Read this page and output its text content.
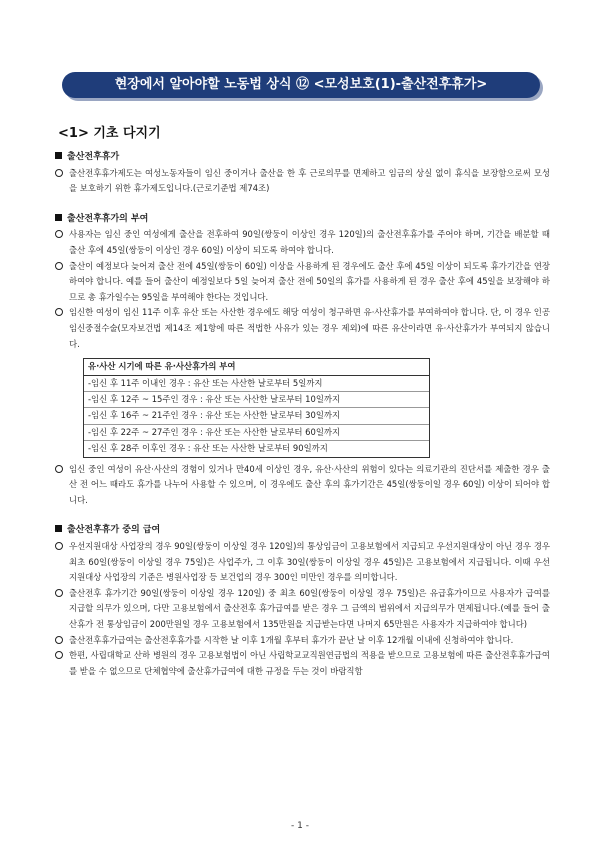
현장에서 알아야할 노동법 상식 ⑫ <모성보호(1)-출산전후휴가>
<1> 기초 다지기
출산전후휴가
출산전후휴가제도는 여성노동자들이 임신 중이거나 출산을 한 후 근로의무를 면제하고 임금의 상실 없이 휴식을 보장함으로써 모성을 보호하기 위한 휴가제도입니다.(근로기준법 제74조)
출산전후휴가의 부여
사용자는 임신 중인 여성에게 출산을 전후하여 90일(쌍둥이 이상인 경우 120일)의 출산전후휴가를 주어야 하며, 기간을 배분할 때 출산 후에 45일(쌍둥이 이상인 경우 60일) 이상이 되도록 하여야 합니다.
출산이 예정보다 늦어져 출산 전에 45일(쌍둥이 60일) 이상을 사용하게 된 경우에도 출산 후에 45일 이상이 되도록 휴가기간을 연장하여야 합니다. 예를 들어 출산이 예정일보다 5일 늦어져 출산 전에 50일의 휴가를 사용하게 된 경우 출산 후에 45일을 보장해야 하므로 총 휴가일수는 95일을 부여해야 한다는 것입니다.
임신한 여성이 임신 11주 이후 유산 또는 사산한 경우에도 해당 여성이 청구하면 유·사산휴가를 부여하여야 합니다. 단, 이 경우 인공 임신중절수술(모자보건법 제14조 제1항에 따른 적법한 사유가 있는 경우 제외)에 따른 유산이라면 유·사산휴가가 부여되지 않습니다.
유·사산 시기에 따른 유·사산휴가의 부여
-임신 후 11주 이내인 경우 : 유산 또는 사산한 날로부터 5일까지
-임신 후 12주 ~ 15주인 경우 : 유산 또는 사산한 날로부터 10일까지
-임신 후 16주 ~ 21주인 경우 : 유산 또는 사산한 날로부터 30일까지
-임신 후 22주 ~ 27주인 경우 : 유산 또는 사산한 날로부터 60일까지
-임신 후 28주 이후인 경우 : 유산 또는 사산한 날로부터 90일까지
임신 중인 여성이 유산·사산의 경험이 있거나 만40세 이상인 경우, 유산·사산의 위험이 있다는 의료기관의 진단서를 제출한 경우 출산 전 어느 때라도 휴가를 나누어 사용할 수 있으며, 이 경우에도 출산 후의 휴가기간은 45일(쌍둥이일 경우 60일) 이상이 되어야 합니다.
출산전후휴가 중의 급여
우선지원대상 사업장의 경우 90일(쌍둥이 이상일 경우 120일)의 통상임금이 고용보험에서 지급되고 우선지원대상이 아닌 경우 경우 최초 60일(쌍둥이 이상일 경우 75일)은 사업주가, 그 이후 30일(쌍둥이 이상일 경우 45일)은 고용보험에서 지급됩니다. 이때 우선지원대상 사업장의 기준은 병원사업장 등 보건업의 경우 300인 미만인 경우를 의미합니다.
출산전후 휴가기간 90일(쌍둥이 이상일 경우 120일) 중 최초 60일(쌍둥이 이상일 경우 75일)은 유급휴가이므로 사용자가 급여를 지급할 의무가 있으며, 다만 고용보험에서 출산전후 휴가급여를 받은 경우 그 금액의 범위에서 지급의무가 면제됩니다.(예를 들어 출산휴가 전 통상임금이 200만원일 경우 고용보험에서 135만원을 지급받는다면 나머지 65만원은 사용자가 지급하여야 합니다)
출산전후휴가급여는 출산전후휴가를 시작한 날 이후 1개월 후부터 휴가가 끝난 날 이후 12개월 이내에 신청하여야 합니다.
한편, 사립대학교 산하 병원의 경우 고용보험법이 아닌 사립학교교직원연금법의 적용을 받으므로 고용보험에 따른 출산전후휴가급여를 받을 수 없으므로 단체협약에 출산휴가급여에 대한 규정을 두는 것이 바람직함
- 1 -
